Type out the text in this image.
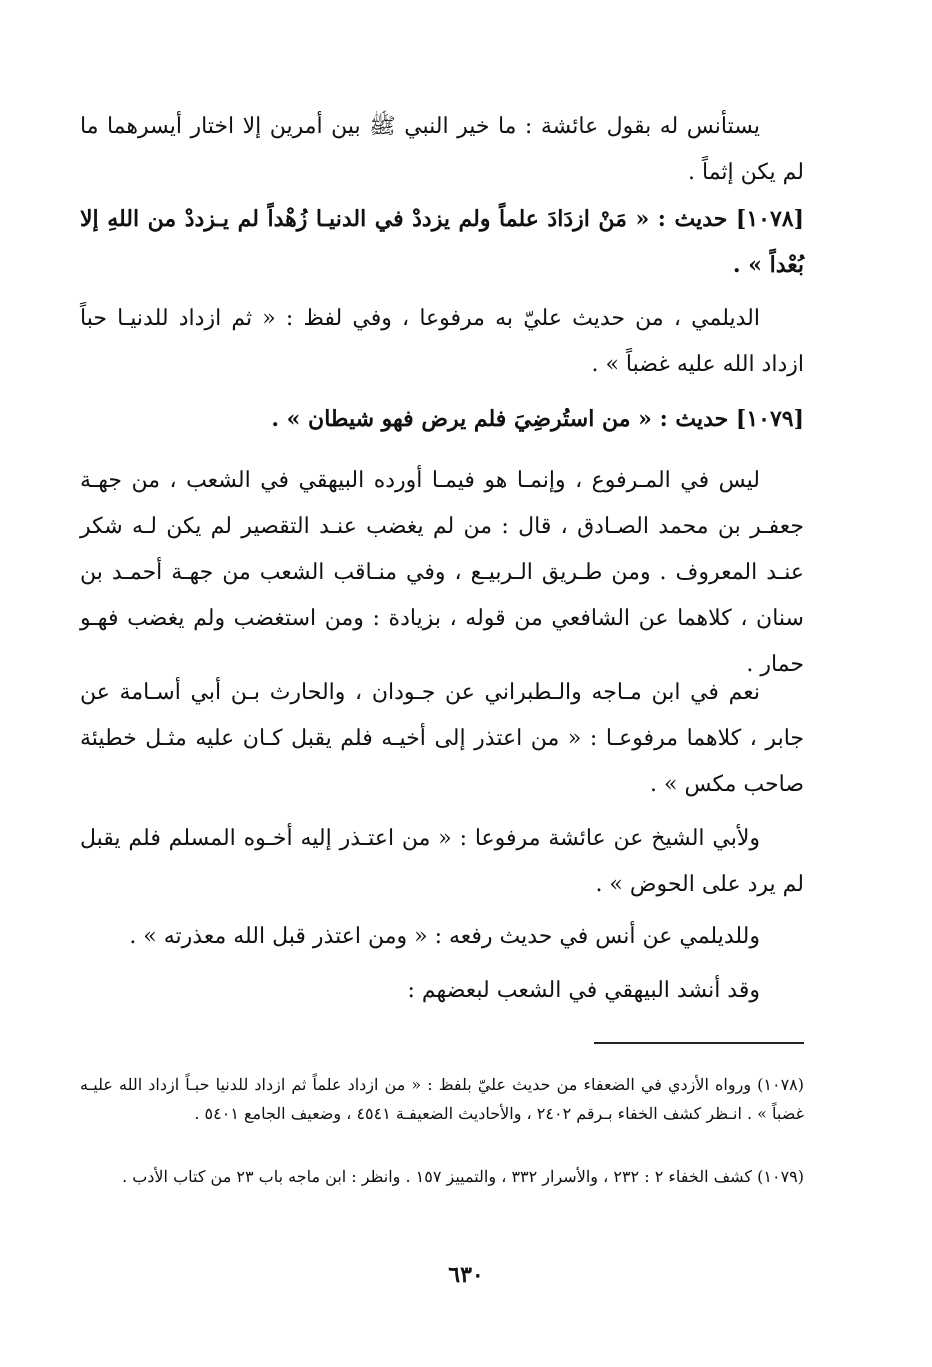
يستأنس له بقول عائشة : ما خير النبي ﷺ بين أمرين إلا اختار أيسرهما ما لم يكن إثماً .

[١٠٧٨] حديث : « مَنْ ازدَادَ علماً ولم يزددْ في الدنيـا زُهْداً لم يـزددْ من اللهِ إلا بُعْداً » .

الديلمي ، من حديث عليّ به مرفوعا ، وفي لفظ : « ثم ازداد للدنيـا حباً ازداد الله عليه غضباً » .

[١٠٧٩] حديث : « من استُرضِيَ فلم يرض فهو شيطان » .

ليس في المـرفوع ، وإنمـا هو فيمـا أورده البيهقي في الشعب ، من جهـة جعفـر بن محمد الصـادق ، قال : من لم يغضب عنـد التقصير لم يكن لـه شكر عنـد المعروف . ومن طـريق الـربيـع ، وفي منـاقب الشعب من جهـة أحمـد بن سنان ، كلاهما عن الشافعي من قوله ، بزيادة : ومن استغضب ولم يغضب فهـو حمار .

نعم في ابن مـاجه والـطبراني عن جـودان ، والحارث بـن أبي أسـامة عن جابر ، كلاهما مرفوعـا : « من اعتذر إلى أخيـه فلم يقبل كـان عليه مثـل خطيئة صاحب مكس » .

ولأبي الشيخ عن عائشة مرفوعا : « من اعتـذر إليه أخـوه المسلم فلم يقبل لم يرد على الحوض » .

وللديلمي عن أنس في حديث رفعه : « ومن اعتذر قبل الله معذرته » .

وقد أنشد البيهقي في الشعب لبعضهم :

(١٠٧٨) ورواه الأزدي في الضعفاء من حديث عليّ بلفظ : « من ازداد علماً ثم ازداد للدنيا حبـاً ازداد الله عليـه غضباً » . انـظر كشف الخفاء بـرقم ٢٤٠٢ ، والأحاديث الضعيفـة ٤٥٤١ ، وضعيف الجامع ٥٤٠١ .

(١٠٧٩) كشف الخفاء ٢ : ٢٣٢ ، والأسرار ٣٣٢ ، والتمييز ١٥٧ . وانظر : ابن ماجه باب ٢٣ من كتاب الأدب .

٦٣٠
